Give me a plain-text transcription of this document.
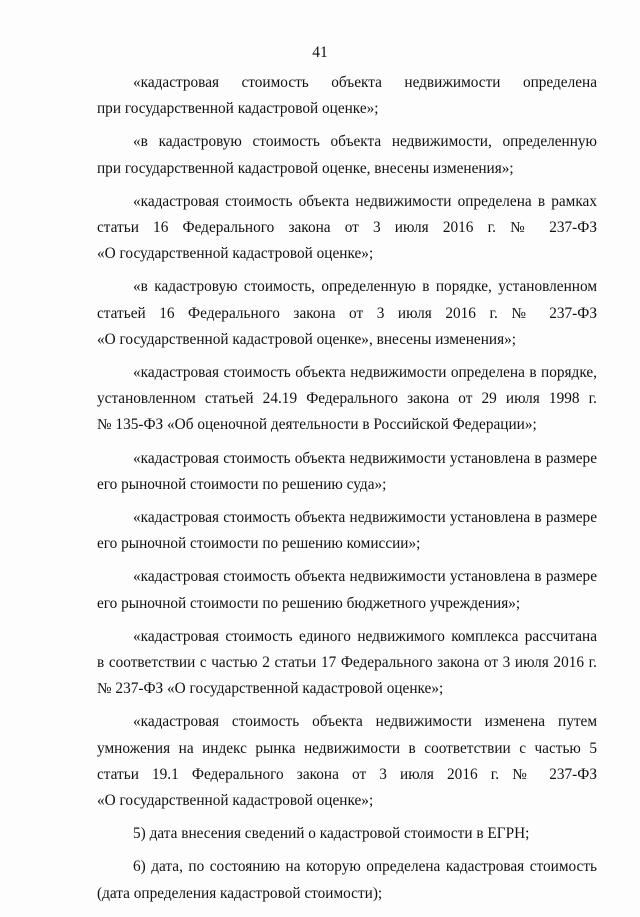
41
«кадастровая стоимость объекта недвижимости определена
при государственной кадастровой оценке»;
«в кадастровую стоимость объекта недвижимости, определенную
при государственной кадастровой оценке, внесены изменения»;
«кадастровая стоимость объекта недвижимости определена в рамках
статьи 16 Федерального закона от 3 июля 2016 г. № 237-ФЗ
«О государственной кадастровой оценке»;
«в кадастровую стоимость, определенную в порядке, установленном
статьей 16 Федерального закона от 3 июля 2016 г. № 237-ФЗ
«О государственной кадастровой оценке», внесены изменения»;
«кадастровая стоимость объекта недвижимости определена в порядке,
установленном статьей 24.19 Федерального закона от 29 июля 1998 г.
№ 135-ФЗ «Об оценочной деятельности в Российской Федерации»;
«кадастровая стоимость объекта недвижимости установлена в размере
его рыночной стоимости по решению суда»;
«кадастровая стоимость объекта недвижимости установлена в размере
его рыночной стоимости по решению комиссии»;
«кадастровая стоимость объекта недвижимости установлена в размере
его рыночной стоимости по решению бюджетного учреждения»;
«кадастровая стоимость единого недвижимого комплекса рассчитана
в соответствии с частью 2 статьи 17 Федерального закона от 3 июля 2016 г.
№ 237-ФЗ «О государственной кадастровой оценке»;
«кадастровая стоимость объекта недвижимости изменена путем
умножения на индекс рынка недвижимости в соответствии с частью 5
статьи 19.1 Федерального закона от 3 июля 2016 г. № 237-ФЗ
«О государственной кадастровой оценке»;
5) дата внесения сведений о кадастровой стоимости в ЕГРН;
6) дата, по состоянию на которую определена кадастровая стоимость
(дата определения кадастровой стоимости);
